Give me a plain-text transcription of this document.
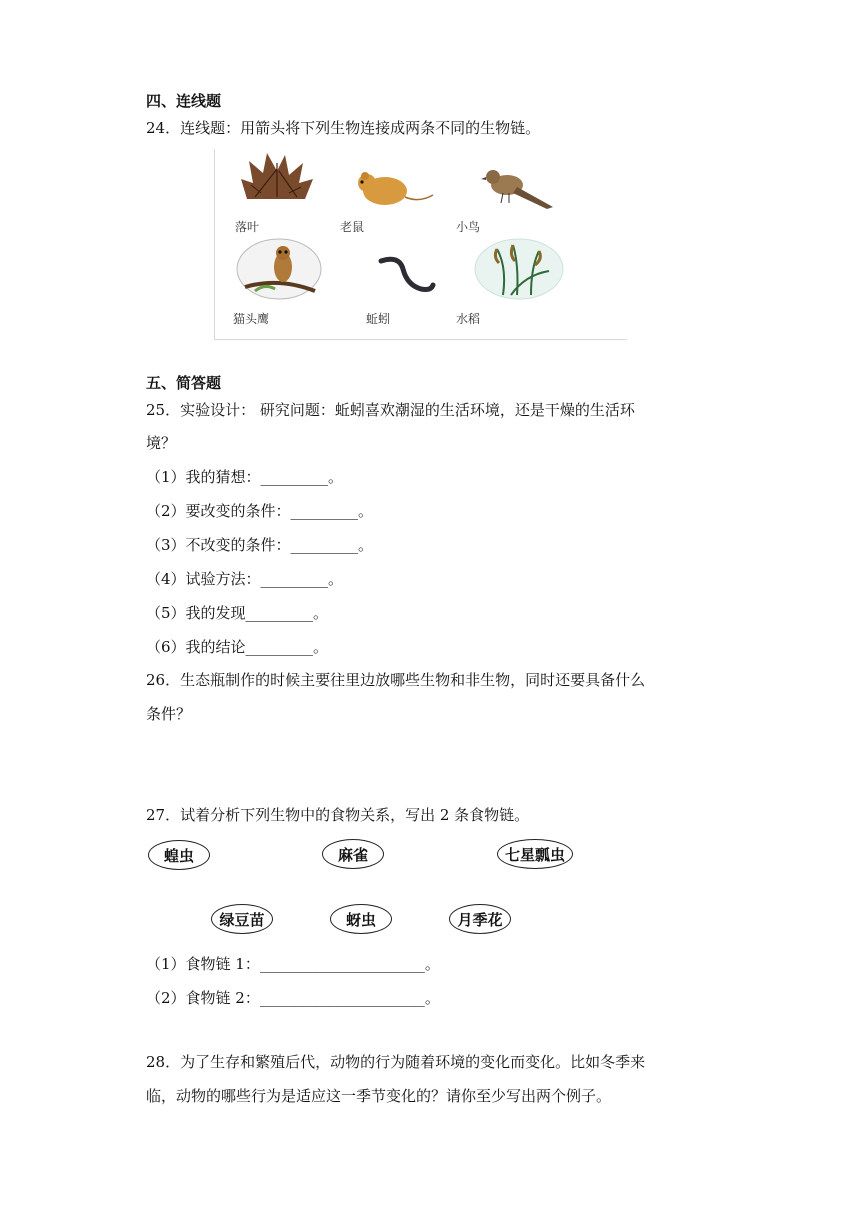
四、连线题
24．连线题：用箭头将下列生物连接成两条不同的生物链。
落叶	老鼠	小鸟
猫头鹰	蚯蚓	水稻
五、简答题
25．实验设计： 研究问题：蚯蚓喜欢潮湿的生活环境，还是干燥的生活环
境？
（1）我的猜想：_________。
（2）要改变的条件：_________。
（3）不改变的条件：_________。
（4）试验方法：_________。
（5）我的发现_________。
（6）我的结论_________。
26．生态瓶制作的时候主要往里边放哪些生物和非生物，同时还要具备什么
条件？
27．试着分析下列生物中的食物关系，写出 2 条食物链。
蝗虫	麻雀	七星瓢虫
绿豆苗	蚜虫	月季花
（1）食物链 1：______________________。
（2）食物链 2：______________________。
28．为了生存和繁殖后代，动物的行为随着环境的变化而变化。比如冬季来
临，动物的哪些行为是适应这一季节变化的？请你至少写出两个例子。
